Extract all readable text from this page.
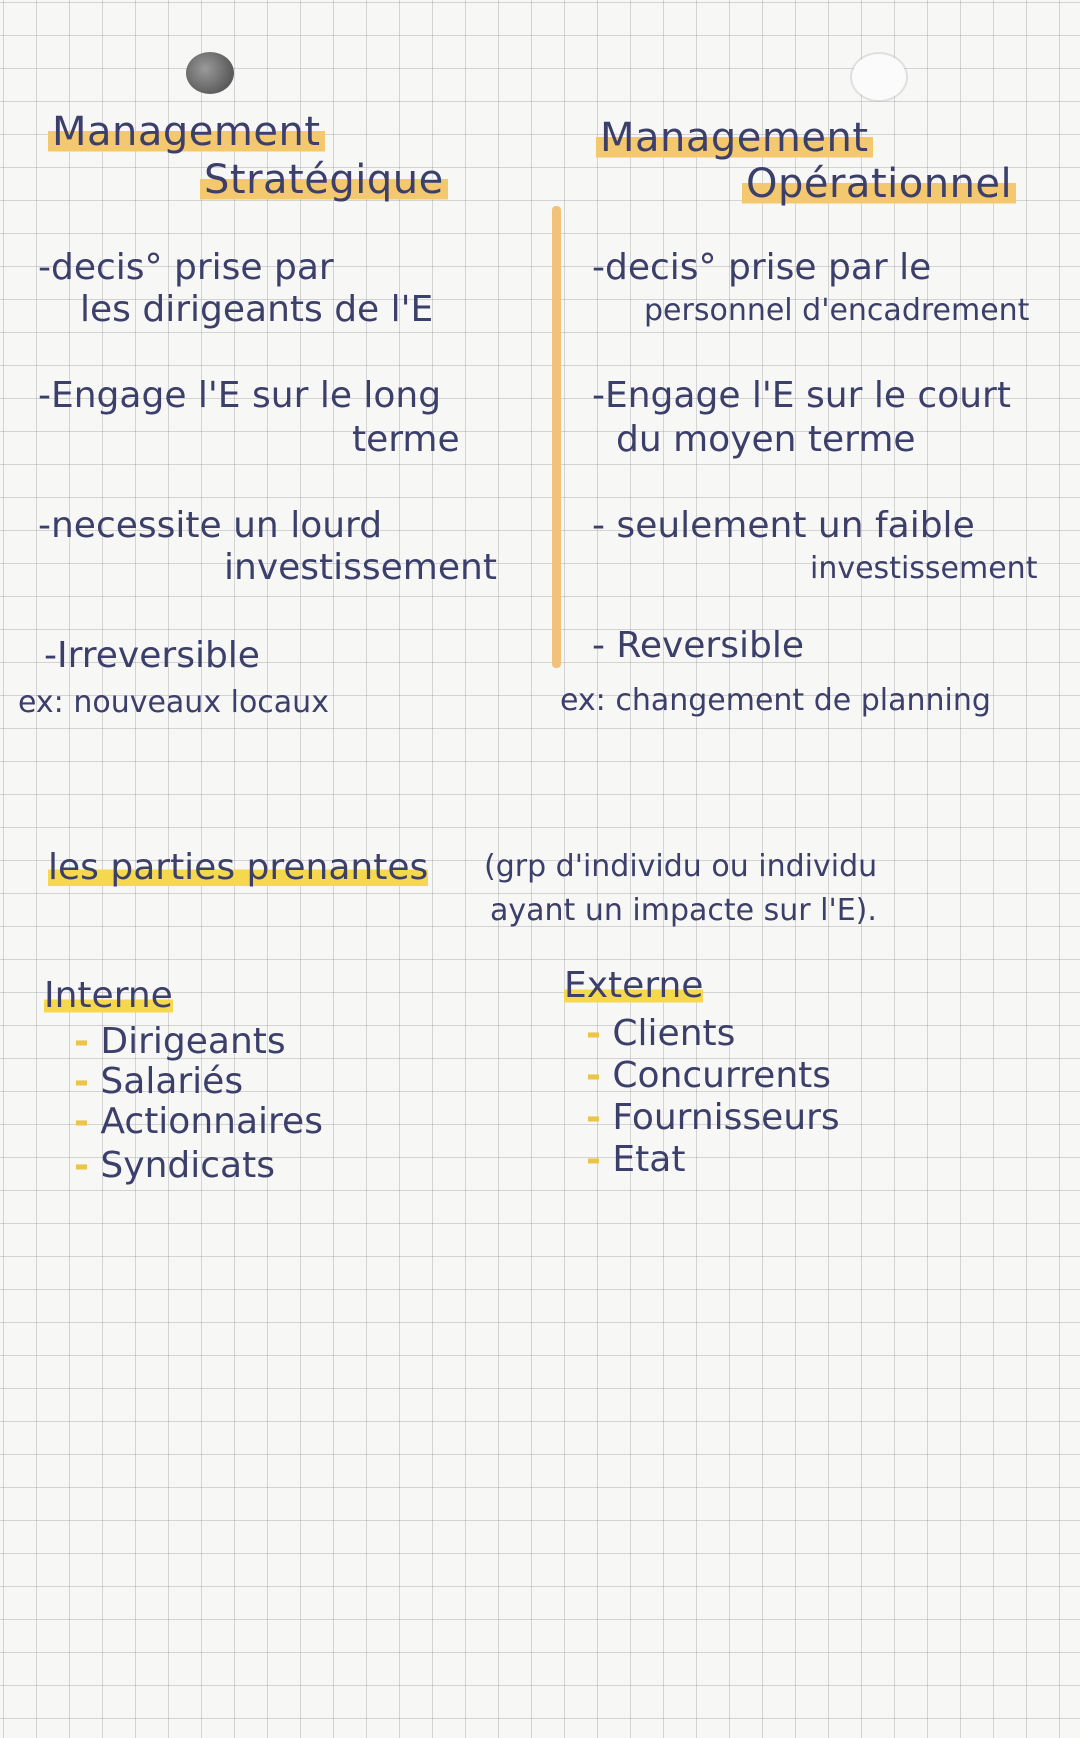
Management
Stratégique
-decis° prise par
les dirigeants de l'E
-Engage l'E sur le long
terme
-necessite un lourd
investissement
-Irreversible
ex: nouveaux locaux
Management
Opérationnel
-decis° prise par le
personnel d'encadrement
-Engage l'E sur le court
du moyen terme
- seulement un faible
investissement
- Reversible
ex: changement de planning
les parties prenantes (grp d'individu ou individu
ayant un impacte sur l'E).
Interne
- Dirigeants
- Salariés
- Actionnaires
- Syndicats
Externe
- Clients
- Concurrents
- Fournisseurs
- Etat
